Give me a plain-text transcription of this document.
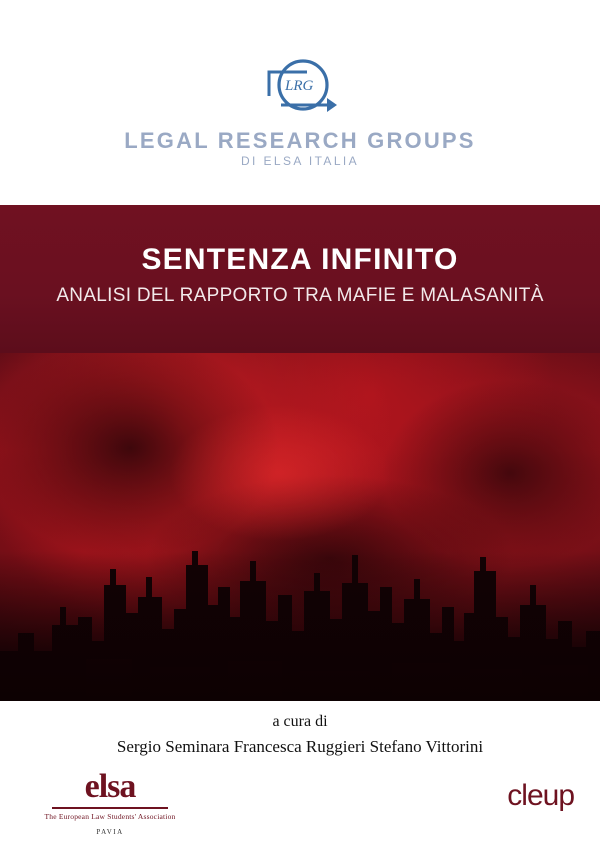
LRG
LEGAL RESEARCH GROUPS
DI ELSA ITALIA
SENTENZA INFINITO
ANALISI DEL RAPPORTO TRA MAFIE E MALASANITÀ
a cura di
Sergio Seminara Francesca Ruggieri Stefano Vittorini
elsa
The European Law Students' Association
PAVIA
cleup
